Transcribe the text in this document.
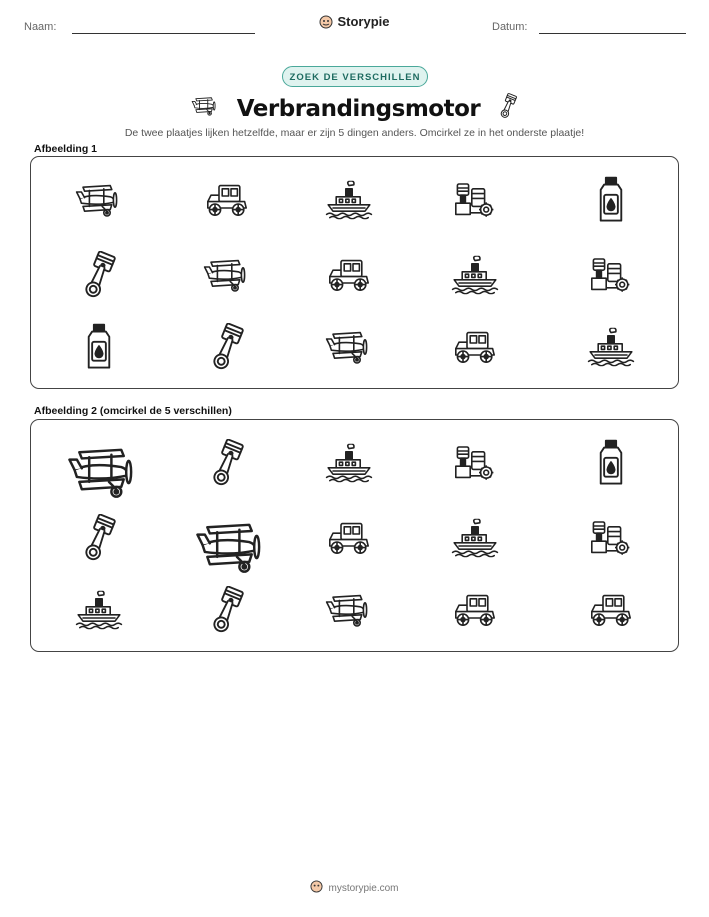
Naam:	Datum:
Storypie
ZOEK DE VERSCHILLEN
Verbrandingsmotor
De twee plaatjes lijken hetzelfde, maar er zijn 5 dingen anders. Omcirkel ze in het onderste plaatje!
Afbeelding 1
Afbeelding 2 (omcirkel de 5 verschillen)
mystorypie.com
